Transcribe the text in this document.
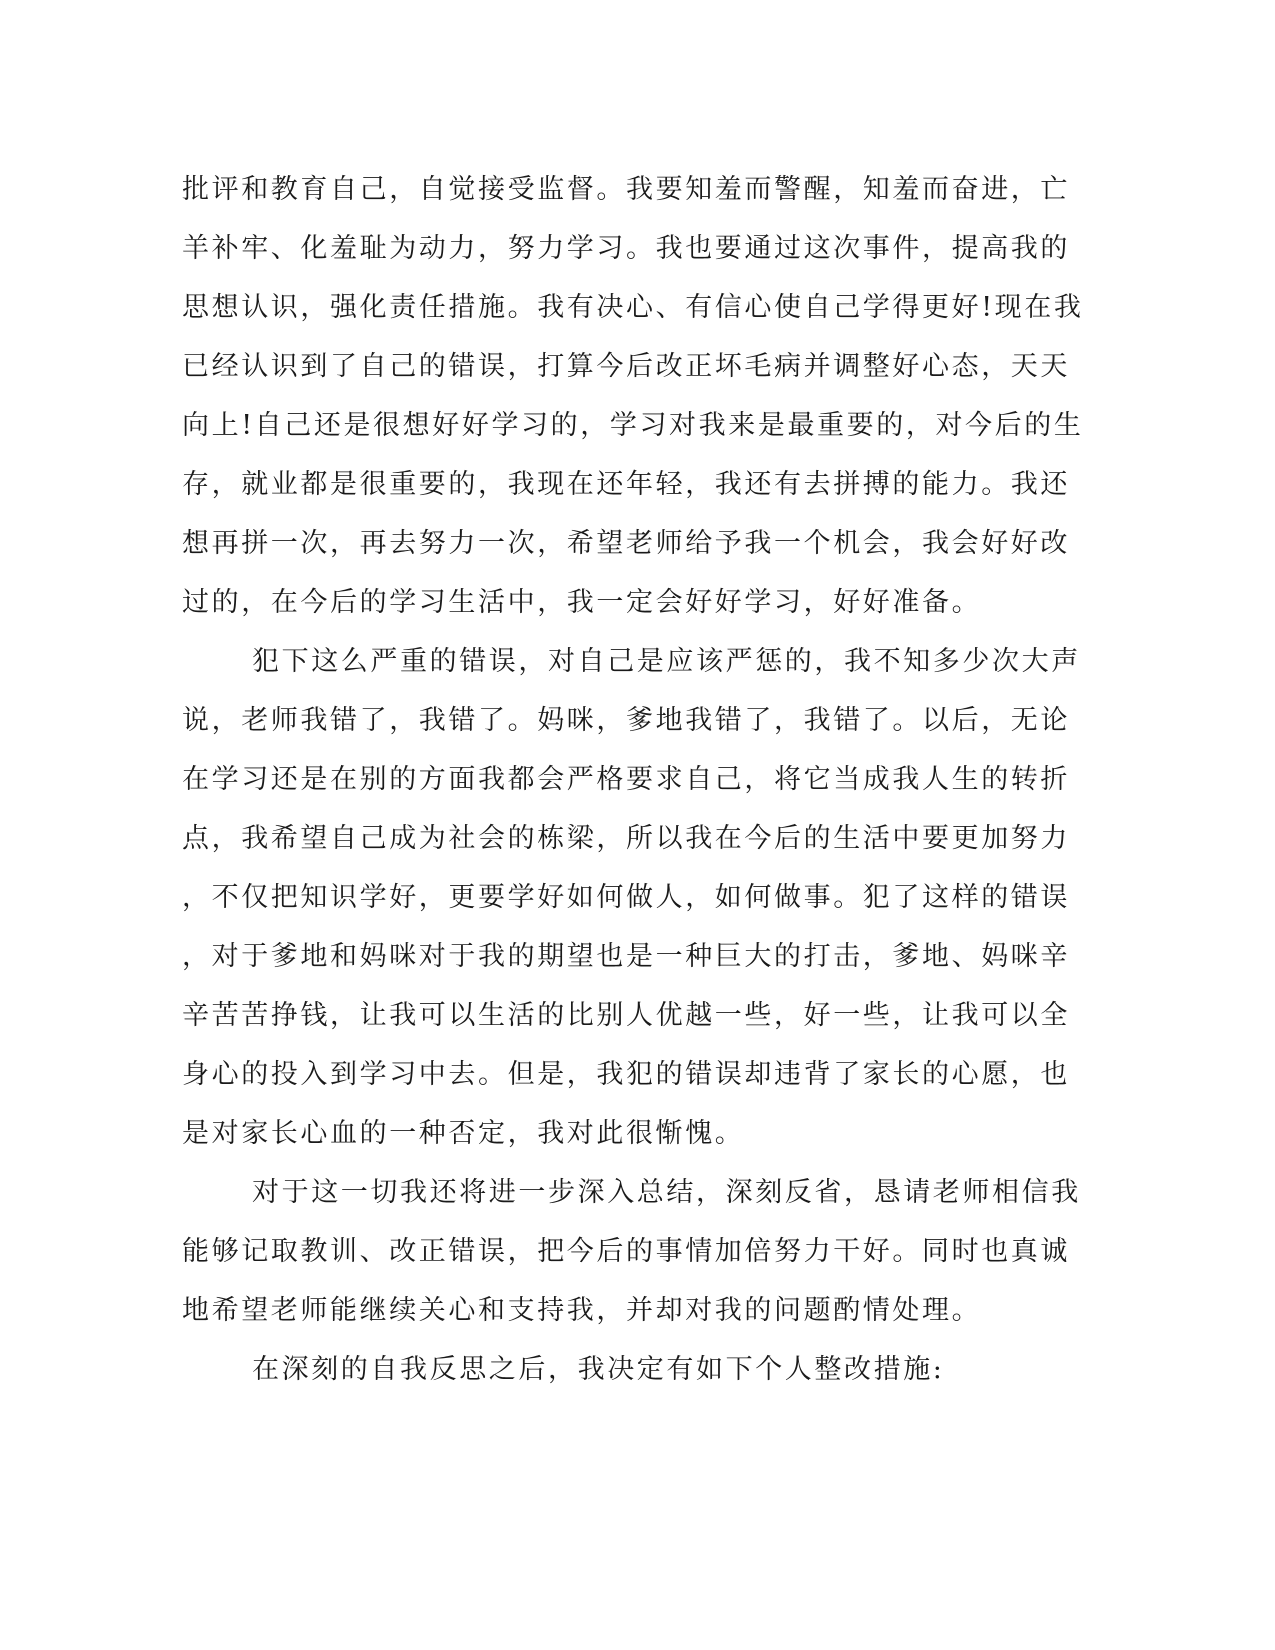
批评和教育自己，自觉接受监督。我要知羞而警醒，知羞而奋进，亡

羊补牢、化羞耻为动力，努力学习。我也要通过这次事件，提高我的

思想认识，强化责任措施。我有决心、有信心使自己学得更好!现在我

已经认识到了自己的错误，打算今后改正坏毛病并调整好心态，天天

向上!自己还是很想好好学习的，学习对我来是最重要的，对今后的生

存，就业都是很重要的，我现在还年轻，我还有去拼搏的能力。我还

想再拼一次，再去努力一次，希望老师给予我一个机会，我会好好改

过的，在今后的学习生活中，我一定会好好学习，好好准备。

犯下这么严重的错误，对自己是应该严惩的，我不知多少次大声

说，老师我错了，我错了。妈咪，爹地我错了，我错了。以后，无论

在学习还是在别的方面我都会严格要求自己，将它当成我人生的转折

点，我希望自己成为社会的栋梁，所以我在今后的生活中要更加努力

，不仅把知识学好，更要学好如何做人，如何做事。犯了这样的错误

，对于爹地和妈咪对于我的期望也是一种巨大的打击，爹地、妈咪辛

辛苦苦挣钱，让我可以生活的比别人优越一些，好一些，让我可以全

身心的投入到学习中去。但是，我犯的错误却违背了家长的心愿，也

是对家长心血的一种否定，我对此很惭愧。

对于这一切我还将进一步深入总结，深刻反省，恳请老师相信我

能够记取教训、改正错误，把今后的事情加倍努力干好。同时也真诚

地希望老师能继续关心和支持我，并却对我的问题酌情处理。

在深刻的自我反思之后，我决定有如下个人整改措施:
